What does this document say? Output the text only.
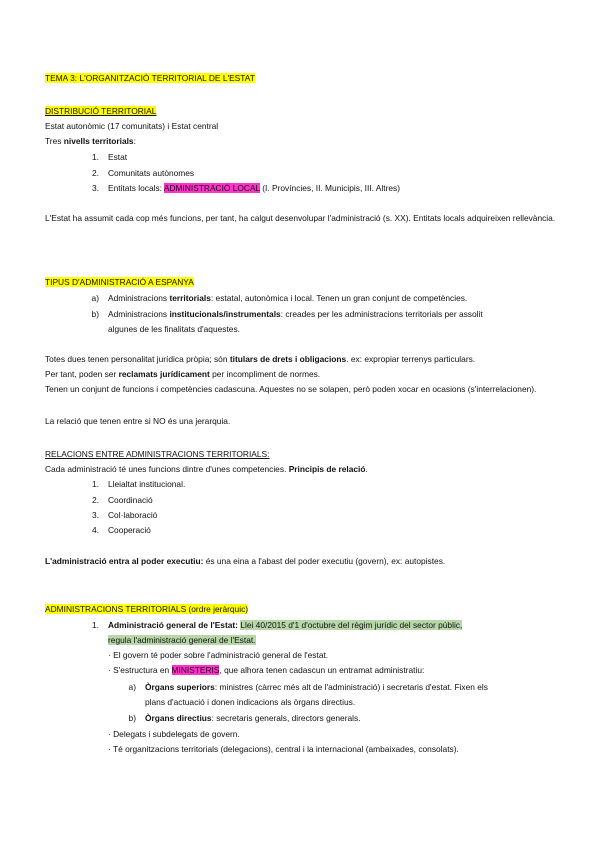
TEMA 3: L'ORGANITZACIÓ TERRITORIAL DE L'ESTAT
DISTRIBUCIÓ TERRITORIAL
Estat autonòmic (17 comunitats) i Estat central
Tres nivells territorials:
1. Estat
2. Comunitats autònomes
3. Entitats locals: ADMINISTRACIÓ LOCAL (I. Províncies, II. Municipis, III. Altres)
L'Estat ha assumit cada cop més funcions, per tant, ha calgut desenvolupar l'administració (s. XX). Entitats locals adquireixen rellevància.
TIPUS D'ADMINISTRACIÓ A ESPANYA
a) Administracions territorials: estatal, autonòmica i local. Tenen un gran conjunt de competències.
b) Administracions institucionals/instrumentals: creades per les administracions territorials per assolit
algunes de les finalitats d'aquestes.
Totes dues tenen personalitat jurídica pròpia; són titulars de drets i obligacions. ex: expropiar terrenys particulars.
Per tant, poden ser reclamats jurídicament per incompliment de normes.
Tenen un conjunt de funcions i competències cadascuna. Aquestes no se solapen, però poden xocar en ocasions (s'interrelacionen).
La relació que tenen entre si NO és una jerarquia.
RELACIONS ENTRE ADMINISTRACIONS TERRITORIALS:
Cada administració té unes funcions dintre d'unes competencies. Principis de relació.
1. Lleialtat institucional.
2. Coordinació
3. Col·laboració
4. Cooperació
L'administració entra al poder executiu: és una eina a l'abast del poder executiu (govern), ex: autopistes.
ADMINISTRACIONS TERRITORIALS (ordre jeràrquic)
1. Administració general de l'Estat: Llei 40/2015 d'1 d'octubre del règim jurídic del sector públic,
regula l'administració general de l'Estat.
· El govern té poder sobre l'administració general de l'estat.
· S'estructura en MINISTERIS, que alhora tenen cadascun un entramat administratiu:
a) Òrgans superiors: ministres (càrrec més alt de l'administració) i secretaris d'estat. Fixen els
plans d'actuació i donen indicacions als òrgans directius.
b) Òrgans directius: secretaris generals, directors generals.
· Delegats i subdelegats de govern.
· Té organitzacions territorials (delegacions), central i la internacional (ambaixades, consolats).
